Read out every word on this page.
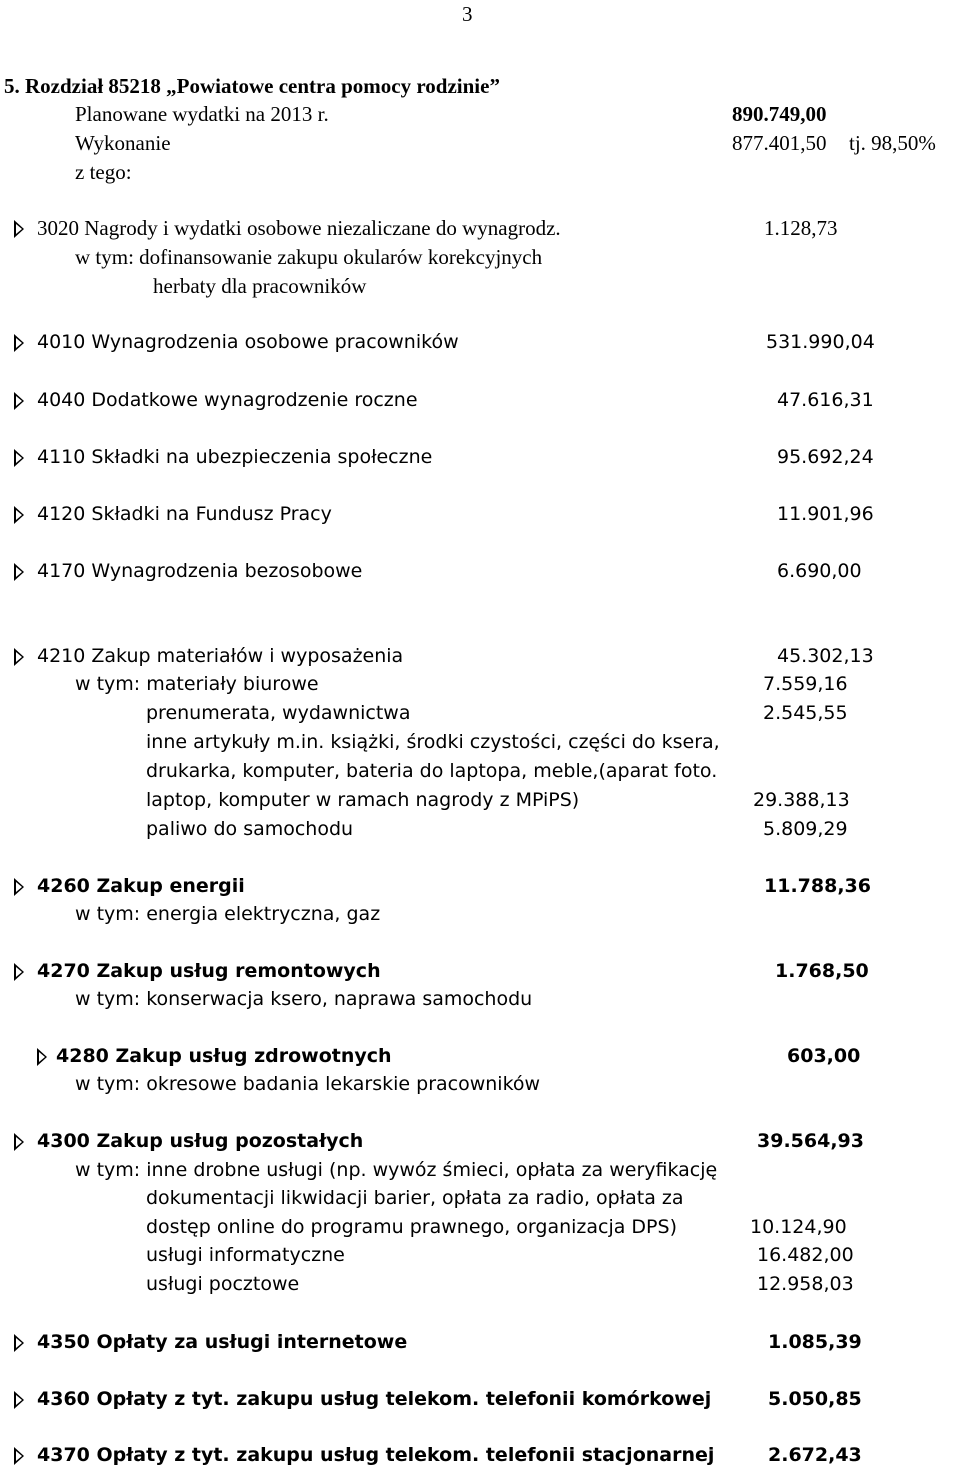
3
5. Rozdział 85218 „Powiatowe centra pomocy rodzinie”
Planowane wydatki na 2013 r.	890.749,00
Wykonanie	877.401,50 tj. 98,50%
z tego:
3020 Nagrody i wydatki osobowe niezaliczane do wynagrodz.	1.128,73
w tym: dofinansowanie zakupu okularów korekcyjnych
herbaty dla pracowników
4010 Wynagrodzenia osobowe pracowników	531.990,04
4040 Dodatkowe wynagrodzenie roczne	47.616,31
4110 Składki na ubezpieczenia społeczne	95.692,24
4120 Składki na Fundusz Pracy	11.901,96
4170 Wynagrodzenia bezosobowe	6.690,00
4210 Zakup materiałów i wyposażenia	45.302,13
w tym: materiały biurowe	7.559,16
prenumerata, wydawnictwa	2.545,55
inne artykuły m.in. książki, środki czystości, części do ksera,
drukarka, komputer, bateria do laptopa, meble,(aparat foto.
laptop, komputer w ramach nagrody z MPiPS)	29.388,13
paliwo do samochodu	5.809,29
4260 Zakup energii	11.788,36
w tym: energia elektryczna, gaz
4270 Zakup usług remontowych	1.768,50
w tym: konserwacja ksero, naprawa samochodu
4280 Zakup usług zdrowotnych	603,00
w tym: okresowe badania lekarskie pracowników
4300 Zakup usług pozostałych	39.564,93
w tym: inne drobne usługi (np. wywóz śmieci, opłata za weryfikację
dokumentacji likwidacji barier, opłata za radio, opłata za
dostęp online do programu prawnego, organizacja DPS)	10.124,90
usługi informatyczne	16.482,00
usługi pocztowe	12.958,03
4350 Opłaty za usługi internetowe	1.085,39
4360 Opłaty z tyt. zakupu usług telekom. telefonii komórkowej	5.050,85
4370 Opłaty z tyt. zakupu usług telekom. telefonii stacjonarnej	2.672,43
